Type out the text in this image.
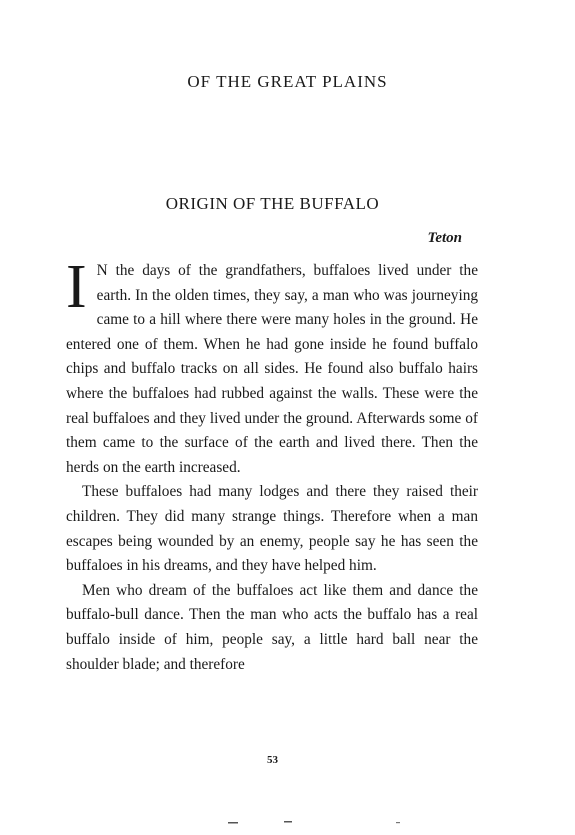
OF THE GREAT PLAINS
ORIGIN OF THE BUFFALO
Teton

I N the days of the grandfathers, buffaloes lived under the earth. In the olden times, they say, a man who was journeying came to a hill where there were many holes in the ground. He entered one of them. When he had gone inside he found buffalo chips and buffalo tracks on all sides. He found also buffalo hairs where the buffaloes had rubbed against the walls. These were the real buffaloes and they lived under the ground. Afterwards some of them came to the surface of the earth and lived there. Then the herds on the earth increased.

These buffaloes had many lodges and there they raised their children. They did many strange things. Therefore when a man escapes being wounded by an enemy, people say he has seen the buffaloes in his dreams, and they have helped him.

Men who dream of the buffaloes act like them and dance the buffalo-bull dance. Then the man who acts the buffalo has a real buffalo inside of him, people say, a little hard ball near the shoulder blade; and therefore

53
